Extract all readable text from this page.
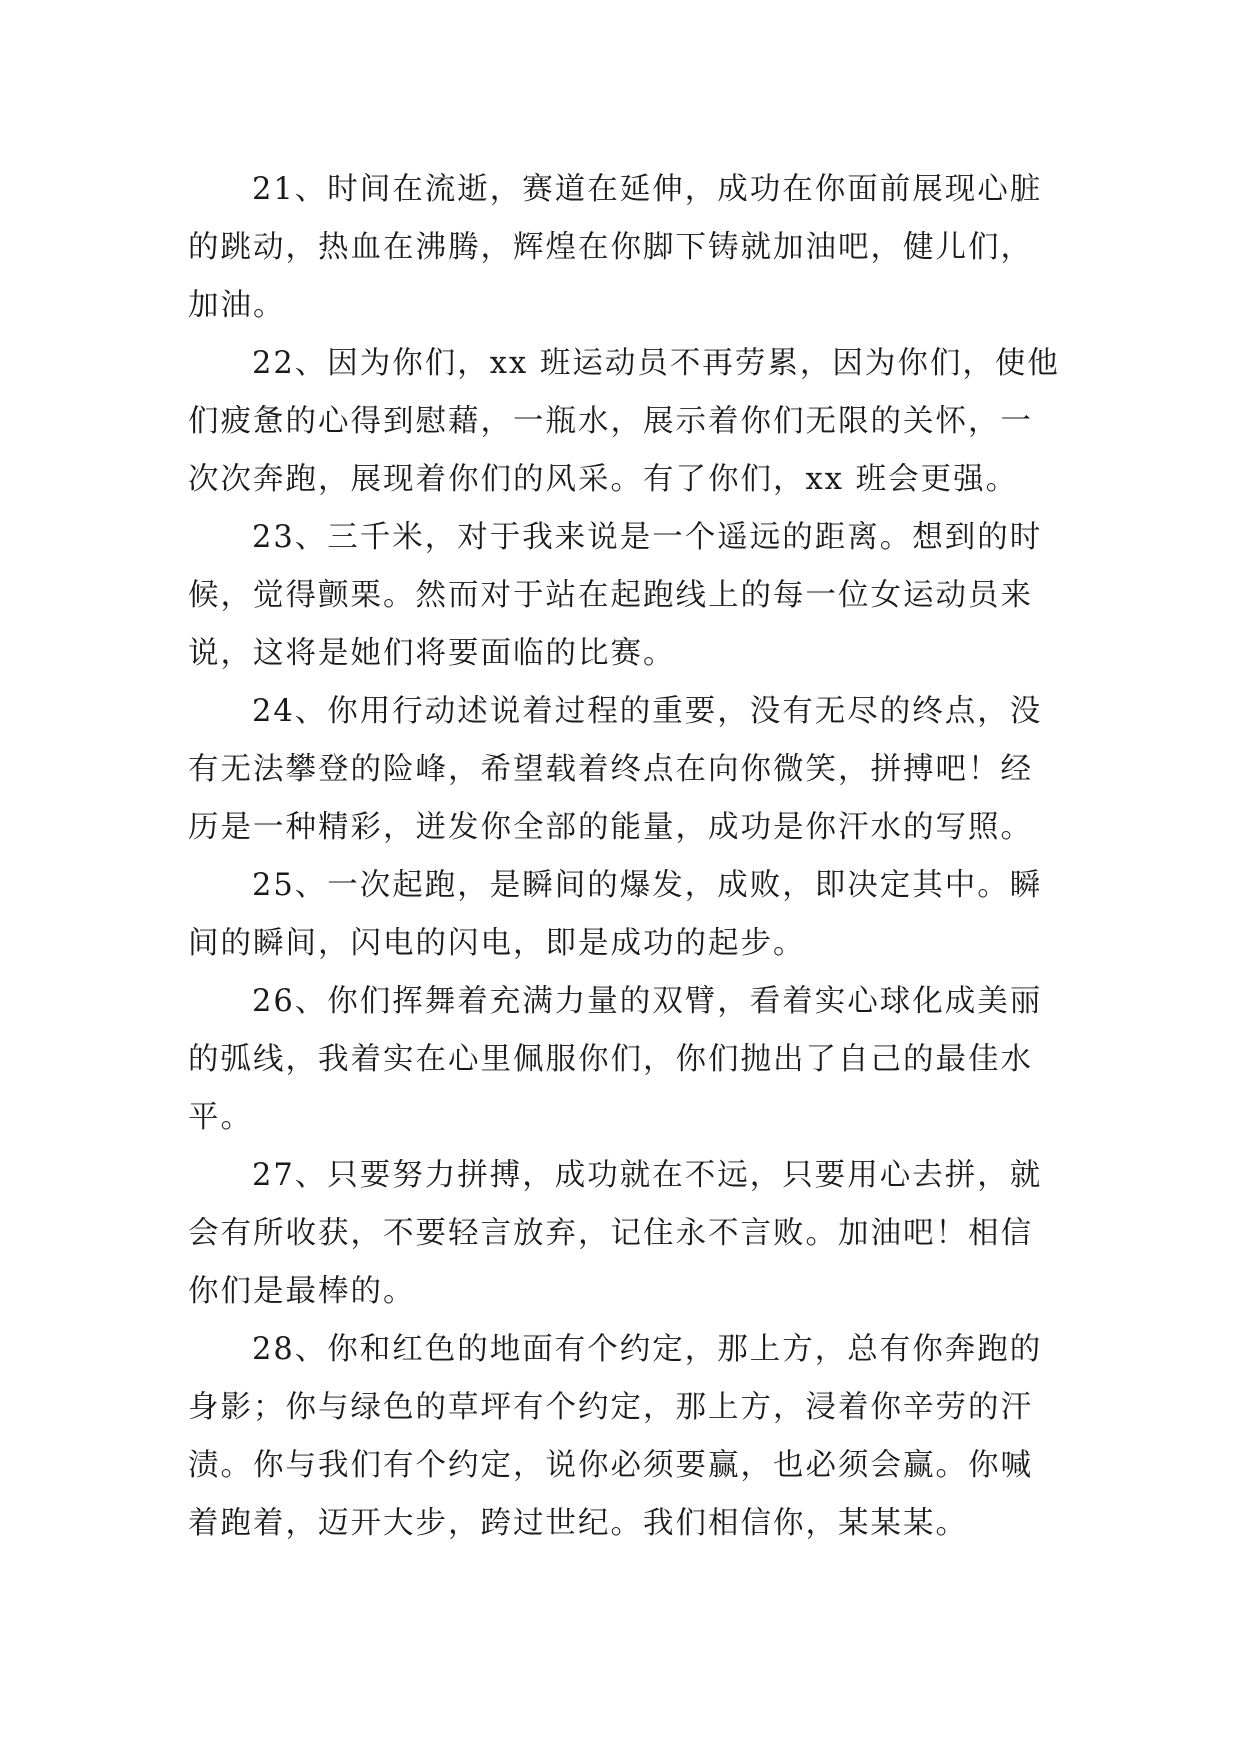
21、时间在流逝，赛道在延伸，成功在你面前展现心脏
的跳动，热血在沸腾，辉煌在你脚下铸就加油吧，健儿们，
加油。

22、因为你们，xx 班运动员不再劳累，因为你们，使他
们疲惫的心得到慰藉，一瓶水，展示着你们无限的关怀，一
次次奔跑，展现着你们的风采。有了你们，xx 班会更强。

23、三千米，对于我来说是一个遥远的距离。想到的时
候，觉得颤栗。然而对于站在起跑线上的每一位女运动员来
说，这将是她们将要面临的比赛。

24、你用行动述说着过程的重要，没有无尽的终点，没
有无法攀登的险峰，希望载着终点在向你微笑，拼搏吧！经
历是一种精彩，迸发你全部的能量，成功是你汗水的写照。

25、一次起跑，是瞬间的爆发，成败，即决定其中。瞬
间的瞬间，闪电的闪电，即是成功的起步。

26、你们挥舞着充满力量的双臂，看着实心球化成美丽
的弧线，我着实在心里佩服你们，你们抛出了自己的最佳水
平。

27、只要努力拼搏，成功就在不远，只要用心去拼，就
会有所收获，不要轻言放弃，记住永不言败。加油吧！相信
你们是最棒的。

28、你和红色的地面有个约定，那上方，总有你奔跑的
身影；你与绿色的草坪有个约定，那上方，浸着你辛劳的汗
渍。你与我们有个约定，说你必须要赢，也必须会赢。你喊
着跑着，迈开大步，跨过世纪。我们相信你，某某某。
